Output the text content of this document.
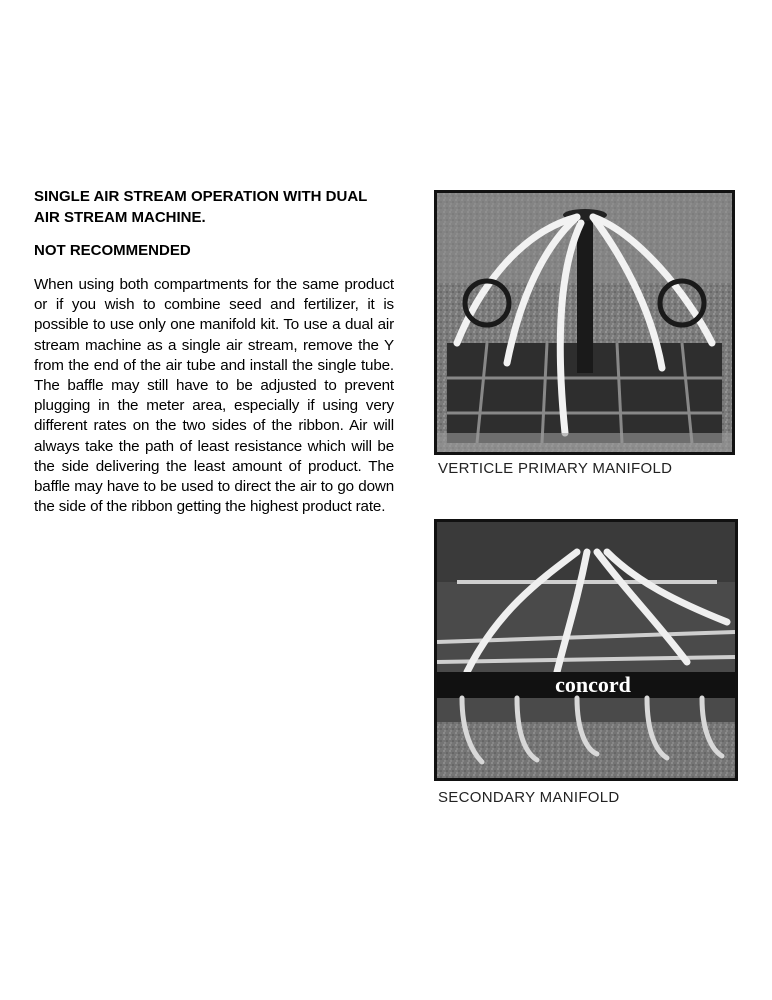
SINGLE AIR STREAM OPERATION WITH DUAL AIR STREAM MACHINE.

NOT RECOMMENDED

When using both compartments for the same product or if you wish to combine seed and fertilizer, it is possible to use only one manifold kit. To use a dual air stream machine as a single air stream, remove the Y from the end of the air tube and install the single tube. The baffle may still have to be adjusted to prevent plugging in the meter area, especially if using very different rates on the two sides of the ribbon. Air will always take the path of least resistance which will be the side delivering the least amount of product. The baffle may have to be used to direct the air to go down the side of the ribbon getting the highest product rate.

VERTICLE PRIMARY MANIFOLD
concord
SECONDARY MANIFOLD
